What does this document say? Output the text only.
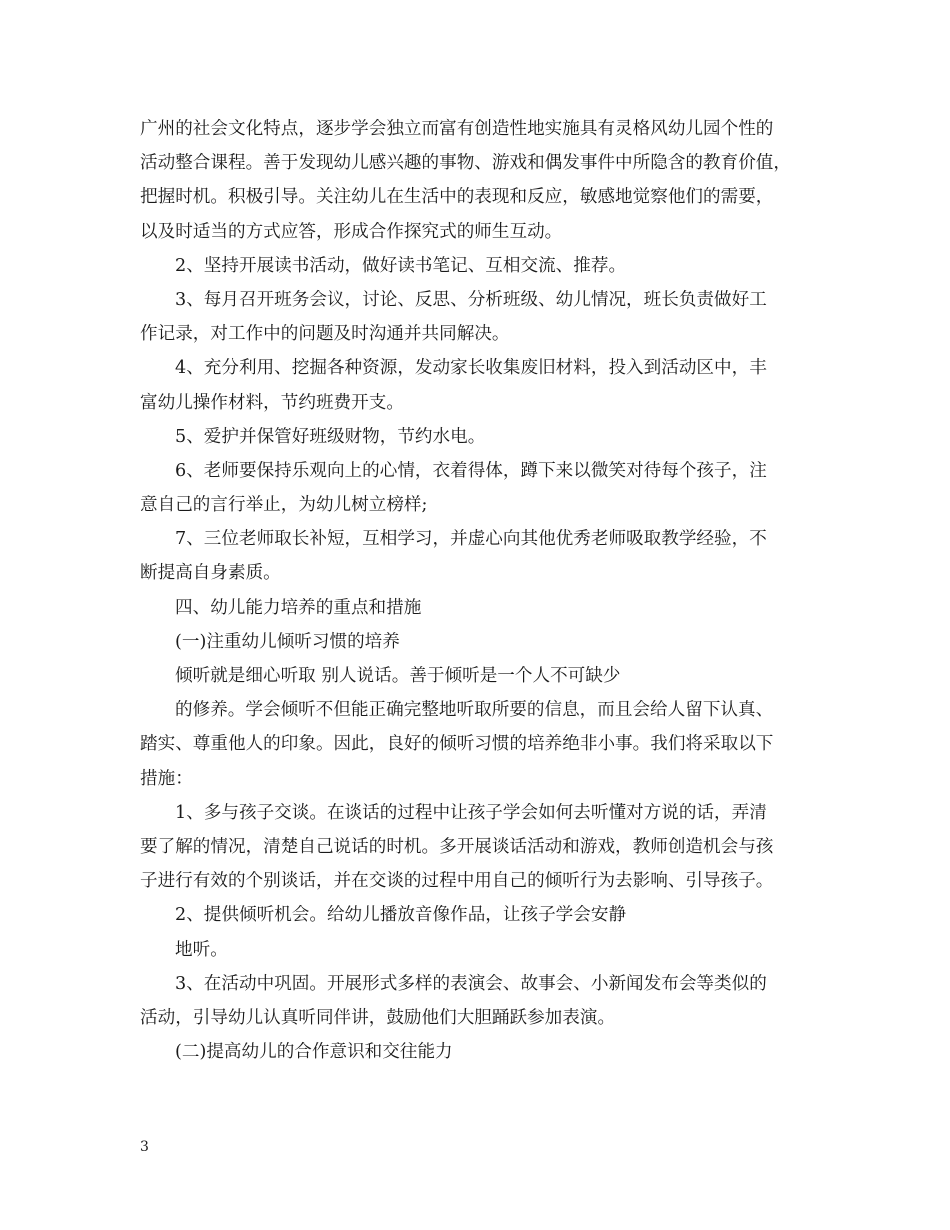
广州的社会文化特点，逐步学会独立而富有创造性地实施具有灵格风幼儿园个性的
活动整合课程。善于发现幼儿感兴趣的事物、游戏和偶发事件中所隐含的教育价值，
把握时机。积极引导。关注幼儿在生活中的表现和反应，敏感地觉察他们的需要，
以及时适当的方式应答，形成合作探究式的师生互动。
2、坚持开展读书活动，做好读书笔记、互相交流、推荐。
3、每月召开班务会议，讨论、反思、分析班级、幼儿情况，班长负责做好工
作记录，对工作中的问题及时沟通并共同解决。
4、充分利用、挖掘各种资源，发动家长收集废旧材料，投入到活动区中，丰
富幼儿操作材料，节约班费开支。
5、爱护并保管好班级财物，节约水电。
6、老师要保持乐观向上的心情，衣着得体，蹲下来以微笑对待每个孩子，注
意自己的言行举止，为幼儿树立榜样;
7、三位老师取长补短，互相学习，并虚心向其他优秀老师吸取教学经验，不
断提高自身素质。
四、幼儿能力培养的重点和措施
(一)注重幼儿倾听习惯的培养
倾听就是细心听取 别人说话。善于倾听是一个人不可缺少
的修养。学会倾听不但能正确完整地听取所要的信息，而且会给人留下认真、
踏实、尊重他人的印象。因此，良好的倾听习惯的培养绝非小事。我们将采取以下
措施：
1、多与孩子交谈。在谈话的过程中让孩子学会如何去听懂对方说的话，弄清
要了解的情况，清楚自己说话的时机。多开展谈话活动和游戏，教师创造机会与孩
子进行有效的个别谈话，并在交谈的过程中用自己的倾听行为去影响、引导孩子。
2、提供倾听机会。给幼儿播放音像作品，让孩子学会安静
地听。
3、在活动中巩固。开展形式多样的表演会、故事会、小新闻发布会等类似的
活动，引导幼儿认真听同伴讲，鼓励他们大胆踊跃参加表演。
(二)提高幼儿的合作意识和交往能力
3
